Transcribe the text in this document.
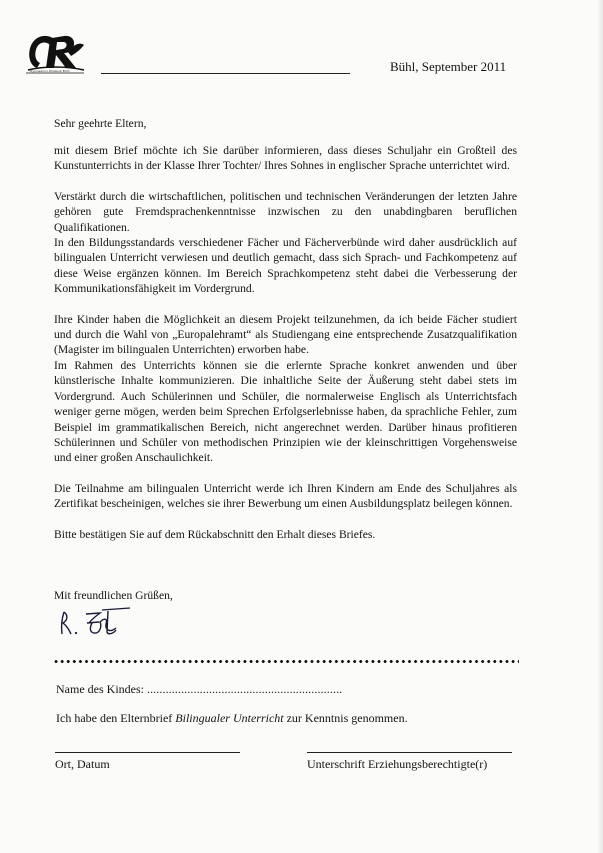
Gymnasium Windeck Bühl	Bühl, September 2011

Sehr geehrte Eltern,

mit diesem Brief möchte ich Sie darüber informieren, dass dieses Schuljahr ein Großteil des Kunstunterrichts in der Klasse Ihrer Tochter/ Ihres Sohnes in englischer Sprache unterrichtet wird.

Verstärkt durch die wirtschaftlichen, politischen und technischen Veränderungen der letzten Jahre gehören gute Fremdsprachenkenntnisse inzwischen zu den unabdingbaren beruflichen Qualifikationen.

In den Bildungsstandards verschiedener Fächer und Fächerverbünde wird daher ausdrücklich auf bilingualen Unterricht verwiesen und deutlich gemacht, dass sich Sprach- und Fachkompetenz auf diese Weise ergänzen können. Im Bereich Sprachkompetenz steht dabei die Verbesserung der Kommunikationsfähigkeit im Vordergrund.

Ihre Kinder haben die Möglichkeit an diesem Projekt teilzunehmen, da ich beide Fächer studiert und durch die Wahl von „Europalehramt“ als Studiengang eine entsprechende Zusatzqualifikation (Magister im bilingualen Unterrichten) erworben habe.

Im Rahmen des Unterrichts können sie die erlernte Sprache konkret anwenden und über künstlerische Inhalte kommunizieren. Die inhaltliche Seite der Äußerung steht dabei stets im Vordergrund. Auch Schülerinnen und Schüler, die normalerweise Englisch als Unterrichtsfach weniger gerne mögen, werden beim Sprechen Erfolgserlebnisse haben, da sprachliche Fehler, zum Beispiel im grammatikalischen Bereich, nicht angerechnet werden. Darüber hinaus profitieren Schülerinnen und Schüler von methodischen Prinzipien wie der kleinschrittigen Vorgehensweise und einer großen Anschaulichkeit.

Die Teilnahme am bilingualen Unterricht werde ich Ihren Kindern am Ende des Schuljahres als Zertifikat bescheinigen, welches sie ihrer Bewerbung um einen Ausbildungsplatz beilegen können.

Bitte bestätigen Sie auf dem Rückabschnitt den Erhalt dieses Briefes.

Mit freundlichen Grüßen,

Name des Kindes: ...............................................................
Ich habe den Elternbrief Bilingualer Unterricht zur Kenntnis genommen.
Ort, Datum	Unterschrift Erziehungsberechtigte(r)
